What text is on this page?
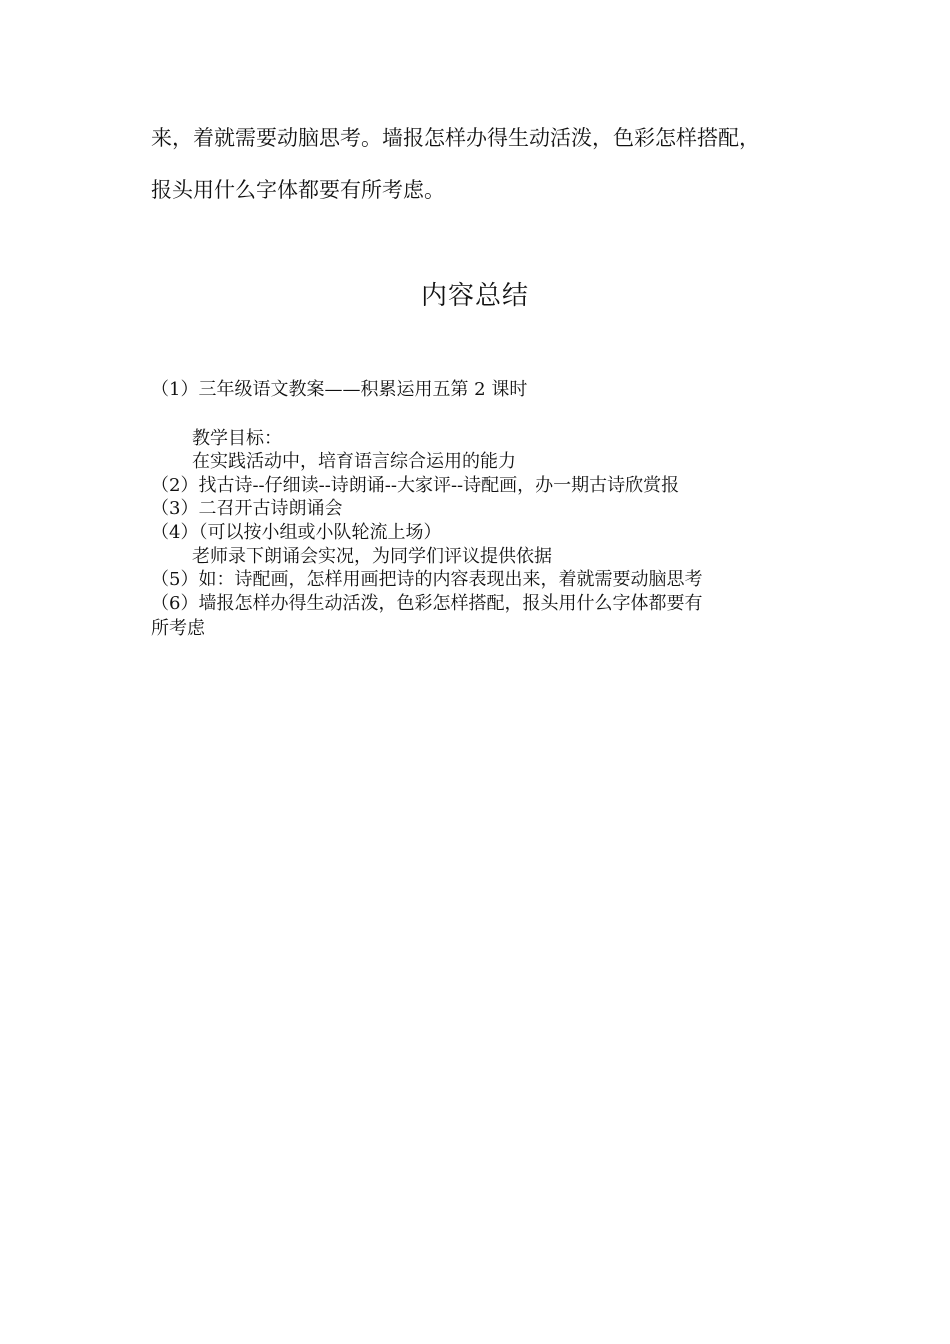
来，着就需要动脑思考。墙报怎样办得生动活泼，色彩怎样搭配，
报头用什么字体都要有所考虑。
内容总结
（1）三年级语文教案——积累运用五第 2 课时
教学目标：
在实践活动中，培育语言综合运用的能力
（2）找古诗--仔细读--诗朗诵--大家评--诗配画，办一期古诗欣赏报
（3）二召开古诗朗诵会
（4）（可以按小组或小队轮流上场）
老师录下朗诵会实况，为同学们评议提供依据
（5）如：诗配画，怎样用画把诗的内容表现出来，着就需要动脑思考
（6）墙报怎样办得生动活泼，色彩怎样搭配，报头用什么字体都要有
所考虑
